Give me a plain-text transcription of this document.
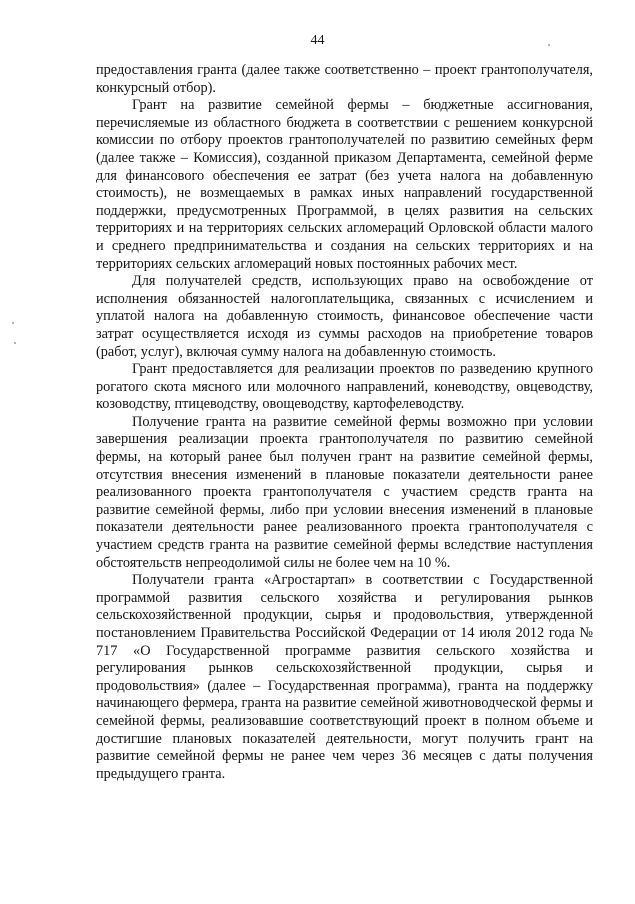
44

предоставления гранта (далее также соответственно – проект грантополучателя, конкурсный отбор).

Грант на развитие семейной фермы – бюджетные ассигнования, перечисляемые из областного бюджета в соответствии с решением конкурсной комиссии по отбору проектов грантополучателей по развитию семейных ферм (далее также – Комиссия), созданной приказом Департамента, семейной ферме для финансового обеспечения ее затрат (без учета налога на добавленную стоимость), не возмещаемых в рамках иных направлений государственной поддержки, предусмотренных Программой, в целях развития на сельских территориях и на территориях сельских агломераций Орловской области малого и среднего предпринимательства и создания на сельских территориях и на территориях сельских агломераций новых постоянных рабочих мест.

Для получателей средств, использующих право на освобождение от исполнения обязанностей налогоплательщика, связанных с исчислением и уплатой налога на добавленную стоимость, финансовое обеспечение части затрат осуществляется исходя из суммы расходов на приобретение товаров (работ, услуг), включая сумму налога на добавленную стоимость.

Грант предоставляется для реализации проектов по разведению крупного рогатого скота мясного или молочного направлений, коневодству, овцеводству, козоводству, птицеводству, овощеводству, картофелеводству.

Получение гранта на развитие семейной фермы возможно при условии завершения реализации проекта грантополучателя по развитию семейной фермы, на который ранее был получен грант на развитие семейной фермы, отсутствия внесения изменений в плановые показатели деятельности ранее реализованного проекта грантополучателя с участием средств гранта на развитие семейной фермы, либо при условии внесения изменений в плановые показатели деятельности ранее реализованного проекта грантополучателя с участием средств гранта на развитие семейной фермы вследствие наступления обстоятельств непреодолимой силы не более чем на 10 %.

Получатели гранта «Агростартап» в соответствии с Государственной программой развития сельского хозяйства и регулирования рынков сельскохозяйственной продукции, сырья и продовольствия, утвержденной постановлением Правительства Российской Федерации от 14 июля 2012 года № 717 «О Государственной программе развития сельского хозяйства и регулирования рынков сельскохозяйственной продукции, сырья и продовольствия» (далее – Государственная программа), гранта на поддержку начинающего фермера, гранта на развитие семейной животноводческой фермы и семейной фермы, реализовавшие соответствующий проект в полном объеме и достигшие плановых показателей деятельности, могут получить грант на развитие семейной фермы не ранее чем через 36 месяцев с даты получения предыдущего гранта.
